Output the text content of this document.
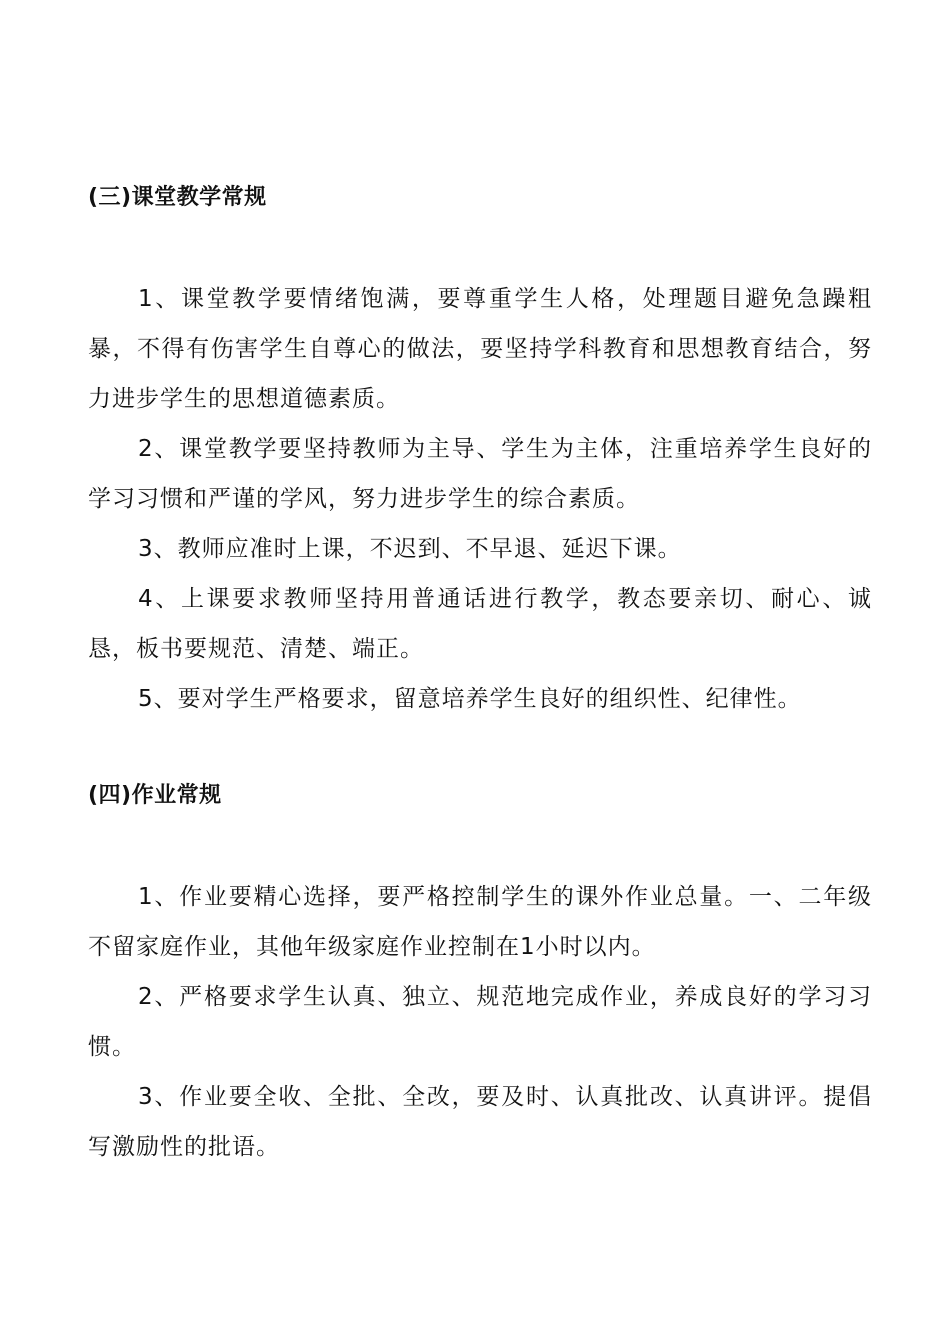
(三)课堂教学常规

1、课堂教学要情绪饱满，要尊重学生人格，处理题目避免急躁粗暴，不得有伤害学生自尊心的做法，要坚持学科教育和思想教育结合，努力进步学生的思想道德素质。

2、课堂教学要坚持教师为主导、学生为主体，注重培养学生良好的学习习惯和严谨的学风，努力进步学生的综合素质。

3、教师应准时上课，不迟到、不早退、延迟下课。

4、上课要求教师坚持用普通话进行教学，教态要亲切、耐心、诚恳，板书要规范、清楚、端正。

5、要对学生严格要求，留意培养学生良好的组织性、纪律性。

(四)作业常规

1、作业要精心选择，要严格控制学生的课外作业总量。一、二年级不留家庭作业，其他年级家庭作业控制在1小时以内。

2、严格要求学生认真、独立、规范地完成作业，养成良好的学习习惯。

3、作业要全收、全批、全改，要及时、认真批改、认真讲评。提倡写激励性的批语。
